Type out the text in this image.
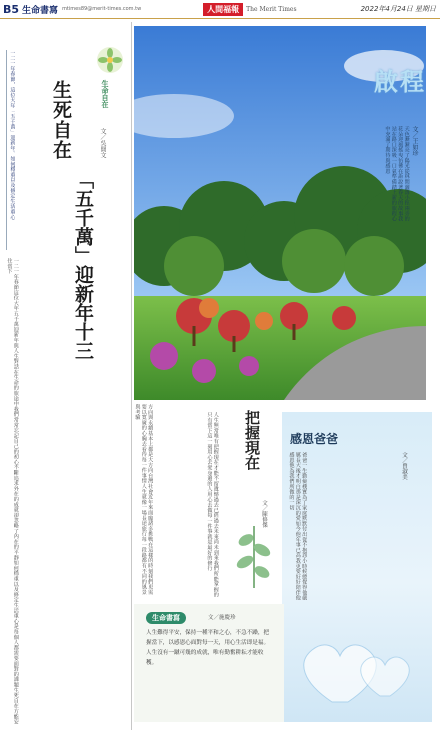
B5 生命書寫 mtimes89@merit-times.com.tw	人間福報	The Merit Times	2022年4月24日 星期日
生命自在
生死自在
「五千萬」迎新年十三
文／吳開文
一二一年春節，這位大年「五千萬」迎新年。如何穩重以及修定生活重心
一二一年春節這位大年五千萬迎新年與人生對話在生命的旅途中我們常常忘記自己的初心不斷追求外在的成就卻忽略了內在的平靜如何穩重以及修定生活重心是每個人都需要面對的課題生死自在方能安住當下
啟程
天色漸漸亮了陽光從林間灑落小徑兩旁的花朵迎風搖曳彷彿在訴說著春天的故事我站在路口深吸一口氣準備踏上新的旅程心中充滿了期待與感恩	文／王如珍
方向與永續基本上都是大方向台灣社會近年來面臨諸多挑戰在這樣的時刻我們更需要以寬廣的心胸去看待每一件事情人生就像一場長途旅行每一段路都有不同的風景與考驗	把握現在
文／陳修傑
人生無常唯有把握現在才能不留遺憾過去已經過去未來尚未到來我們所能掌握的只有當下這一刻用心去愛身邊的人用心去做每一件事就是最好的修行	感恩爸爸
文／曾淑美
爸爸一生勤儉樸實為了家庭默默付出從不抱怨小時候總覺得他嚴厲長大後才明白那是深沉的愛如今他年事已高我更要好好陪伴他感恩他為我們所做的一切
生命書寫	文／施慶珍
人生難得平安，保持一種平和之心，不急不躁，把握當下，以感恩心面對每一天，用心生活即是福。人生沒有一蹴可幾的成就，唯有勤奮耕耘才能收穫。
